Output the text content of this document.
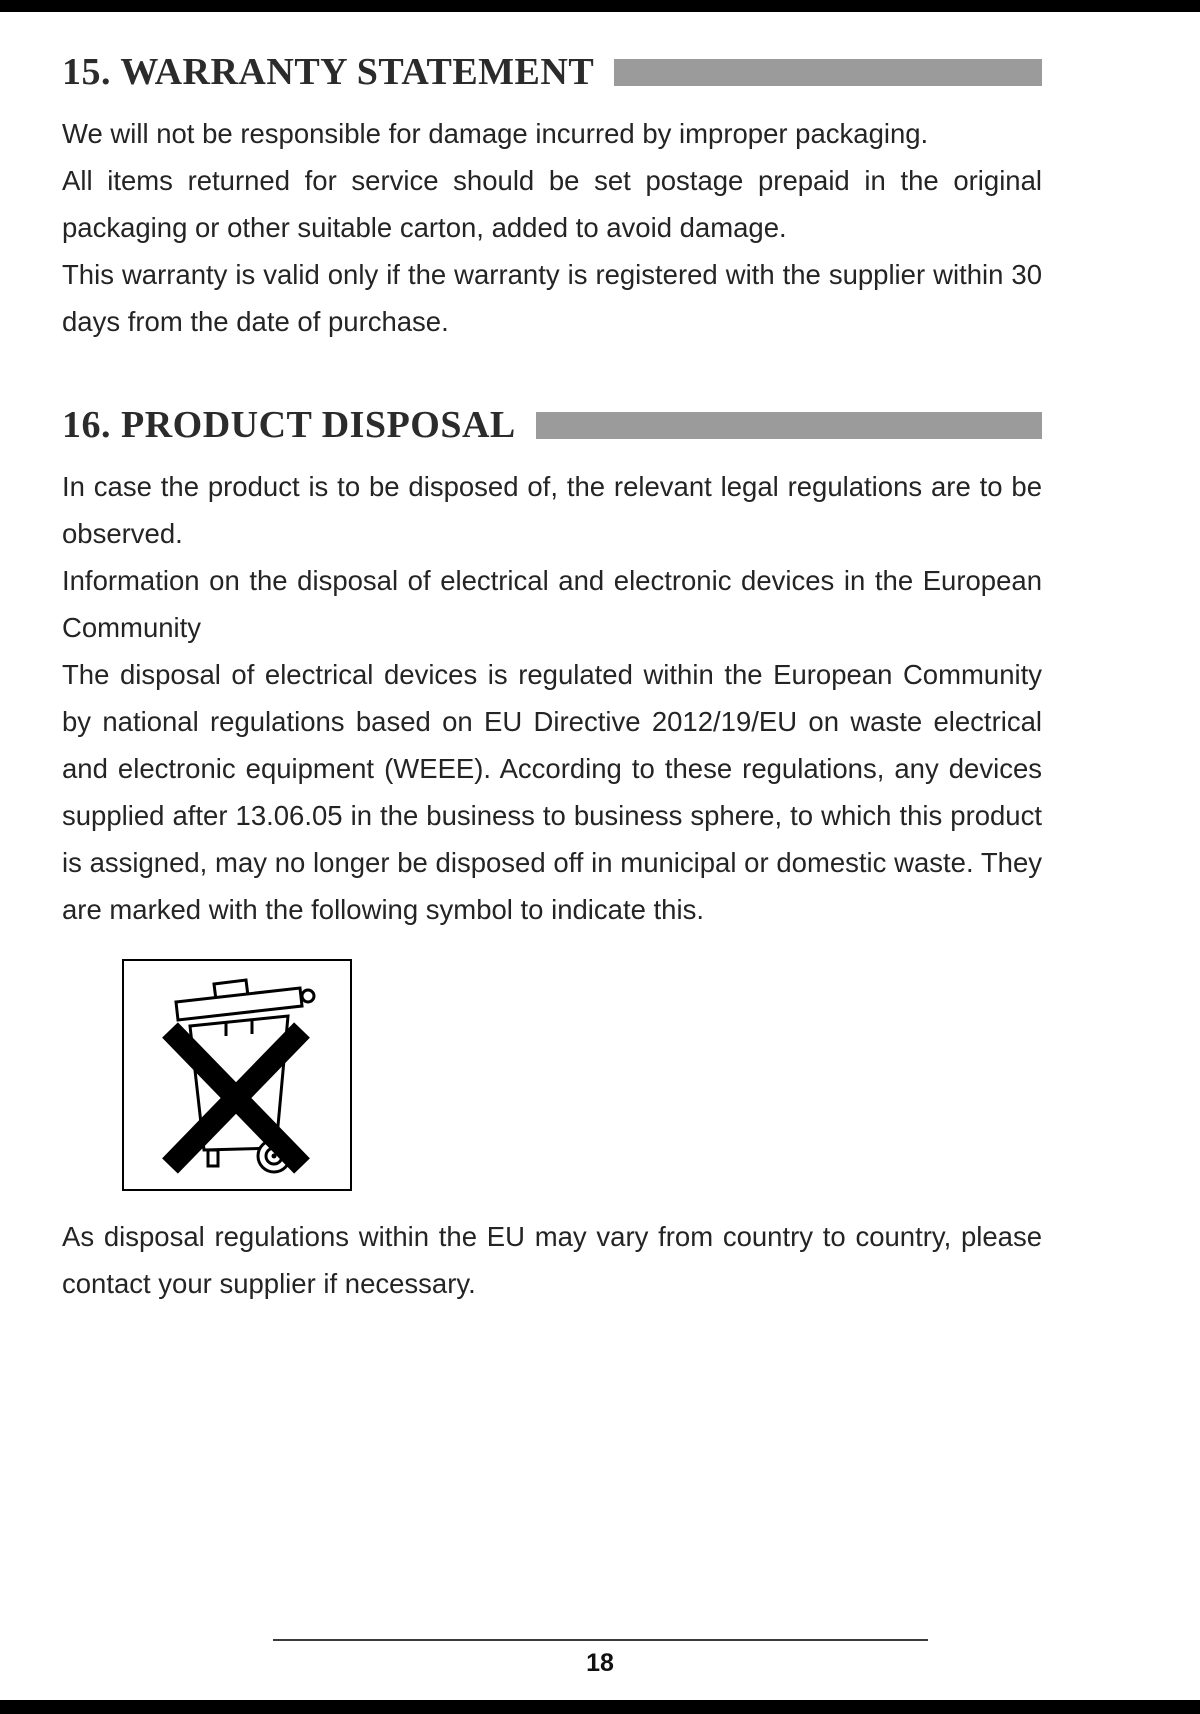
15. WARRANTY STATEMENT

We will not be responsible for damage incurred by improper packaging.

All items returned for service should be set postage prepaid in the original packaging or other suitable carton, added to avoid damage.

This warranty is valid only if the warranty is registered with the supplier within 30 days from the date of purchase.

16. PRODUCT DISPOSAL

In case the product is to be disposed of, the relevant legal regulations are to be observed.

Information on the disposal of electrical and electronic devices in the European Community

The disposal of electrical devices is regulated within the European Community by national regulations based on EU Directive 2012/19/EU on waste electrical and electronic equipment (WEEE). According to these regulations, any devices supplied after 13.06.05 in the business to business sphere, to which this product is assigned, may no longer be disposed off in municipal or domestic waste. They are marked with the following symbol to indicate this.

As disposal regulations within the EU may vary from country to country, please contact your supplier if necessary.

18
